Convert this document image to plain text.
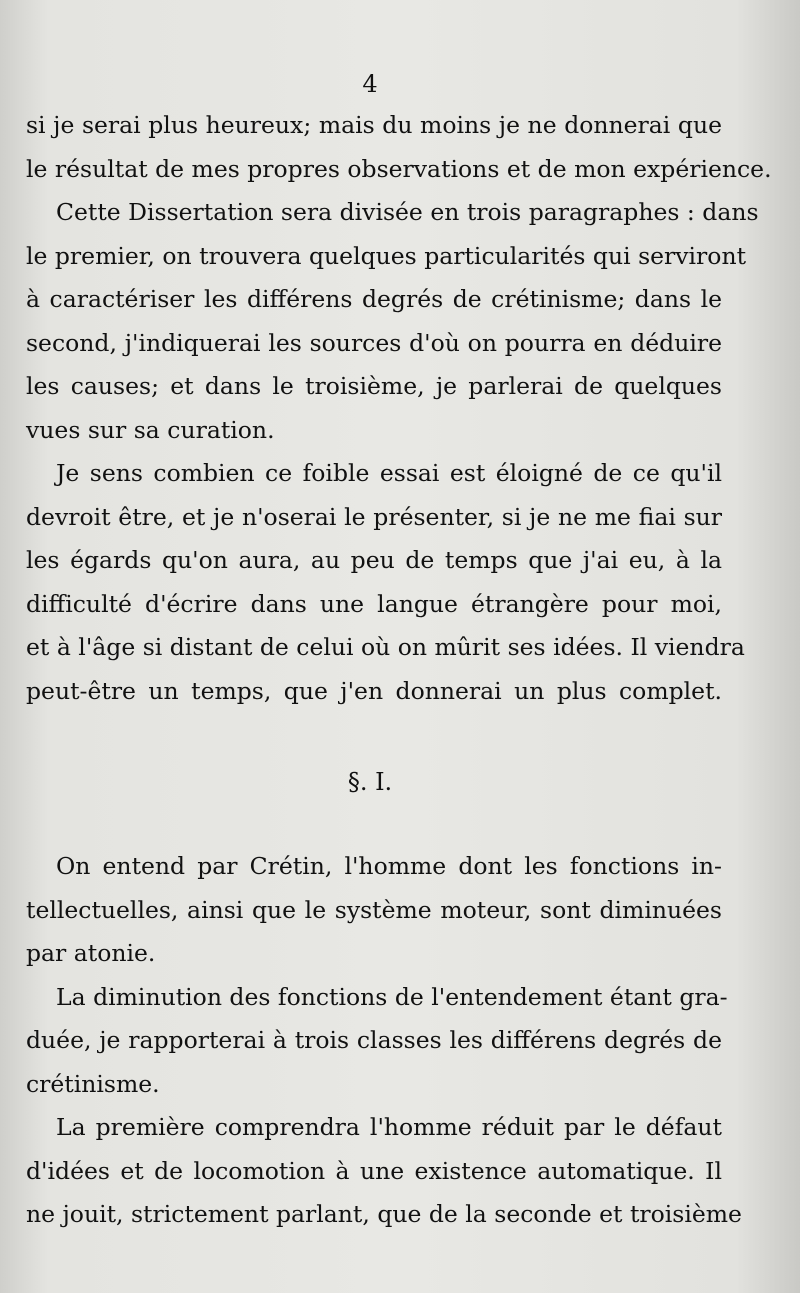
4
si je serai plus heureux; mais du moins je ne donnerai que
le résultat de mes propres observations et de mon expérience.
Cette Dissertation sera divisée en trois paragraphes : dans
le premier, on trouvera quelques particularités qui serviront
à caractériser les différens degrés de crétinisme; dans le
second, j'indiquerai les sources d'où on pourra en déduire
les causes; et dans le troisième, je parlerai de quelques
vues sur sa curation.
Je sens combien ce foible essai est éloigné de ce qu'il
devroit être, et je n'oserai le présenter, si je ne me fiai sur
les égards qu'on aura, au peu de temps que j'ai eu, à la
difficulté d'écrire dans une langue étrangère pour moi,
et à l'âge si distant de celui où on mûrit ses idées. Il viendra
peut-être un temps, que j'en donnerai un plus complet.
§. I.
On entend par Crétin, l'homme dont les fonctions in-
tellectuelles, ainsi que le système moteur, sont diminuées
par atonie.
La diminution des fonctions de l'entendement étant gra-
duée, je rapporterai à trois classes les différens degrés de
crétinisme.
La première comprendra l'homme réduit par le défaut
d'idées et de locomotion à une existence automatique. Il
ne jouit, strictement parlant, que de la seconde et troisième
